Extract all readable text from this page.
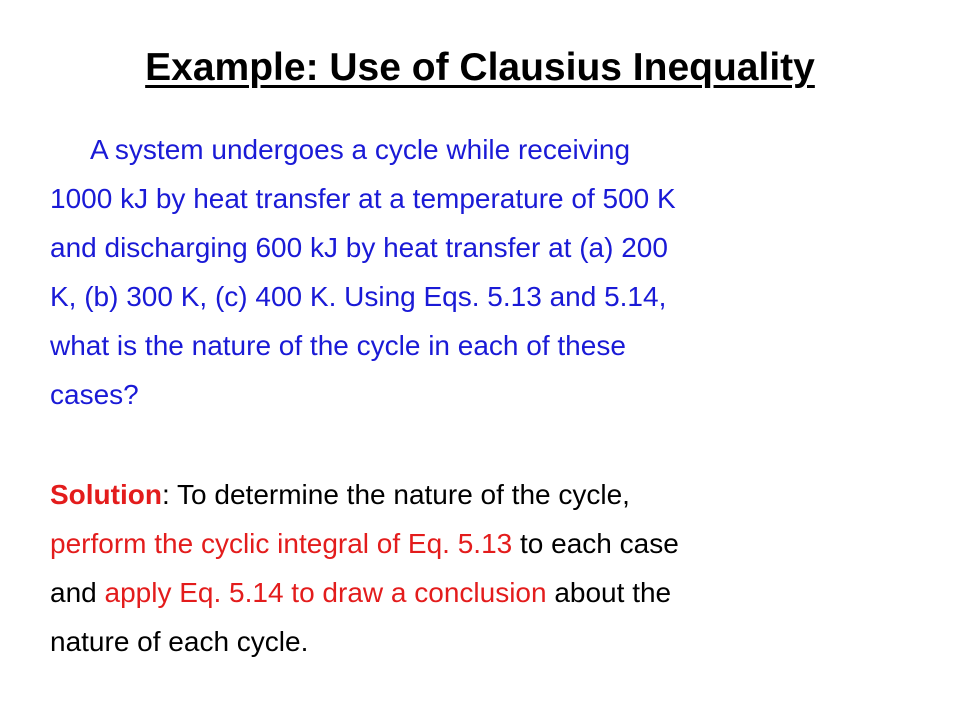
Example: Use of Clausius Inequality
A system undergoes a cycle while receiving
1000 kJ by heat transfer at a temperature of 500 K
and discharging 600 kJ by heat transfer at (a) 200
K, (b) 300 K, (c) 400 K. Using Eqs. 5.13 and 5.14,
what is the nature of the cycle in each of these
cases?
Solution: To determine the nature of the cycle,
perform the cyclic integral of Eq. 5.13 to each case
and apply Eq. 5.14 to draw a conclusion about the
nature of each cycle.
